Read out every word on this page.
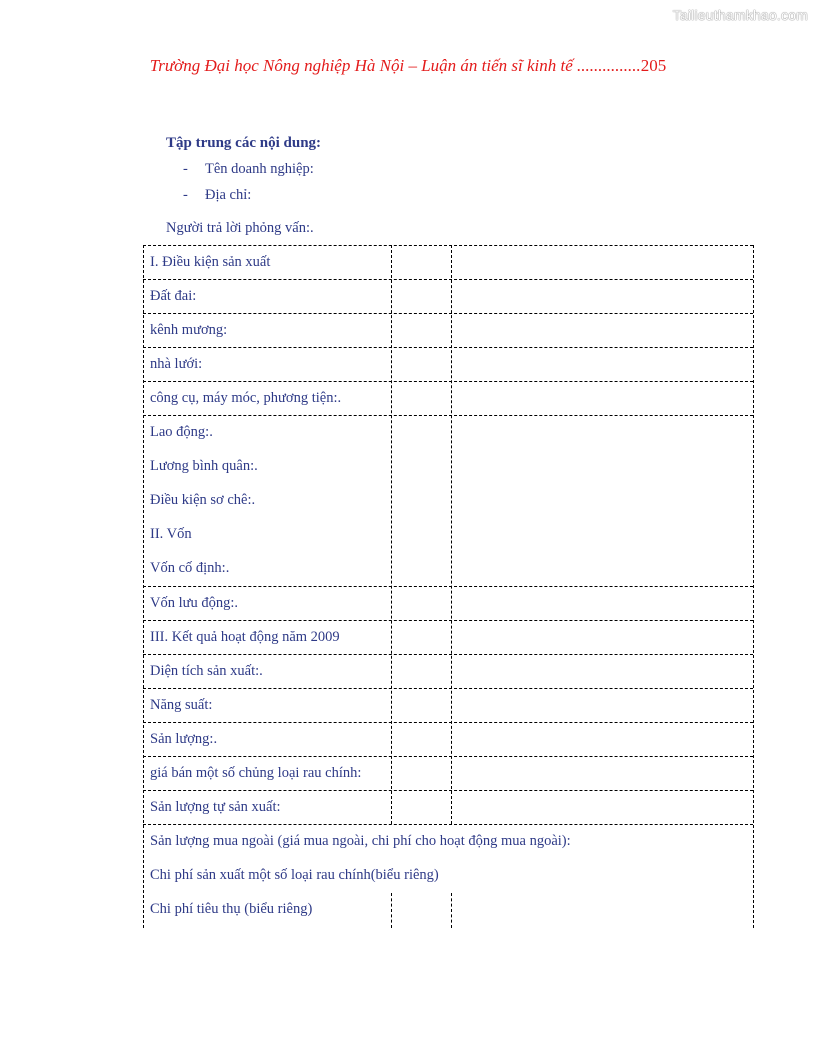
Tailieuthamkhao.com
Trường Đại học Nông nghiệp Hà Nội – Luận án tiến sĩ kinh tế ...............205
Tập trung các nội dung:
- Tên doanh nghiệp:
- Địa chỉ:
Người trả lời phỏng vấn:.
I. Điều kiện sản xuất
Đất đai:
kênh mương:
nhà lưới:
công cụ, máy móc, phương tiện:.
Lao động:.
Lương bình quân:.
Điều kiện sơ chê:.
II. Vốn
Vốn cố định:.
Vốn lưu động:.
III. Kết quả hoạt động năm 2009
Diện tích sản xuất:.
Năng suất:
Sản lượng:.
giá bán một số chủng loại rau chính:
Sản lượng tự sản xuất:
Sản lượng mua ngoài (giá mua ngoài, chi phí cho hoạt động mua ngoài):
Chi phí sản xuất một số loại rau chính(biểu riêng)
Chi phí tiêu thụ (biểu riêng)
